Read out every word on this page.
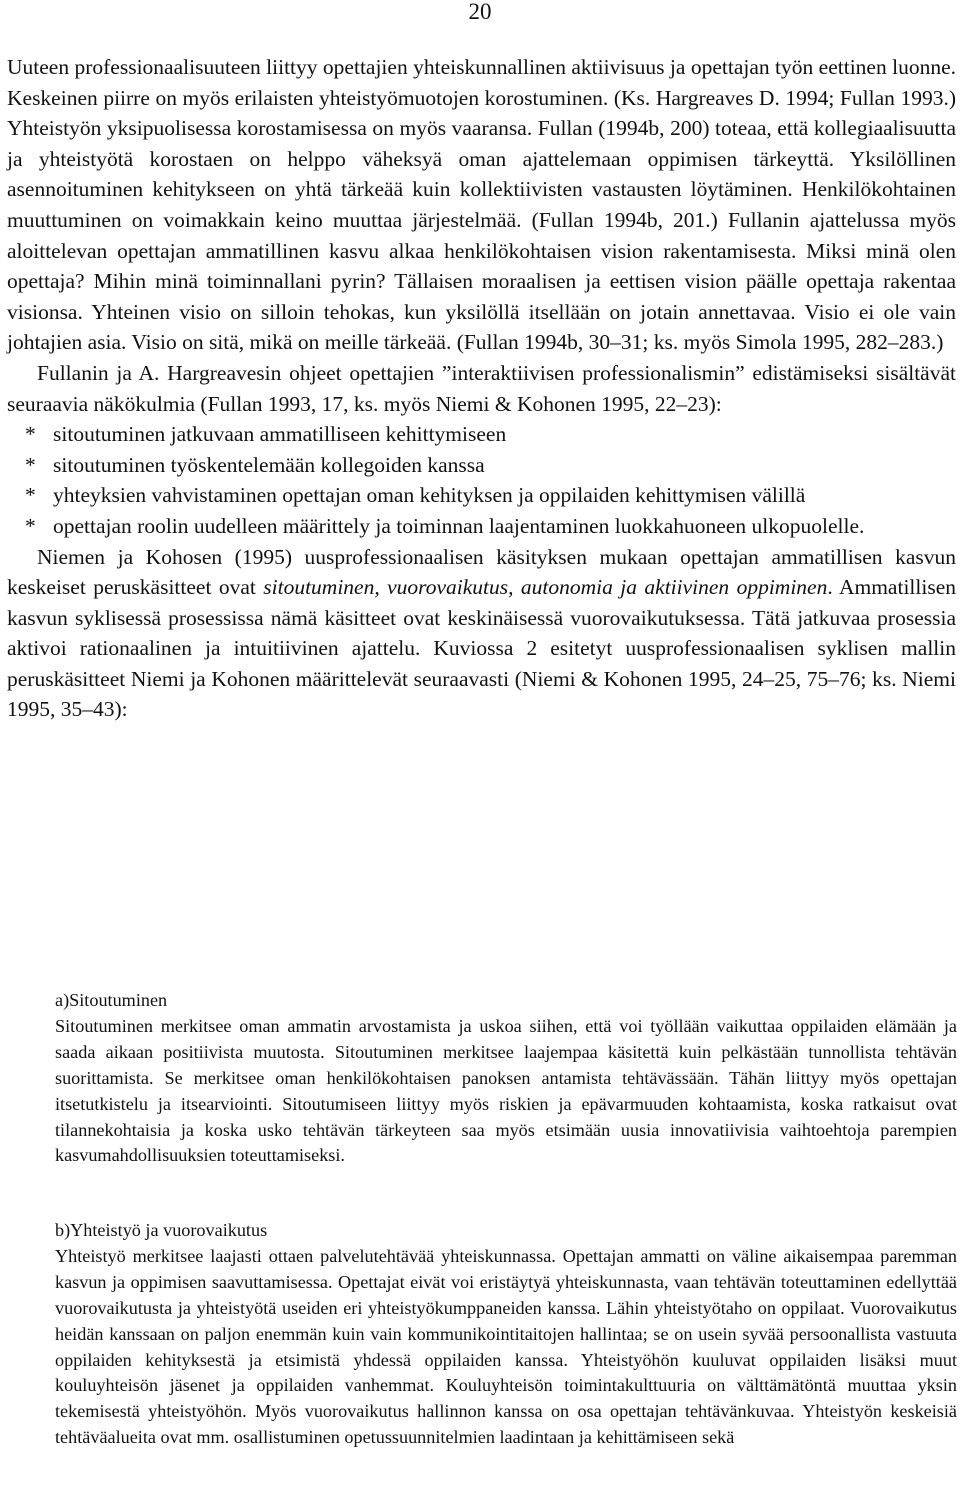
20

Uuteen professionaalisuuteen liittyy opettajien yhteiskunnallinen aktiivisuus ja opettajan työn eettinen luonne. Keskeinen piirre on myös erilaisten yhteistyömuotojen korostuminen. (Ks. Hargreaves D. 1994; Fullan 1993.) Yhteistyön yksipuolisessa korostamisessa on myös vaaransa. Fullan (1994b, 200) toteaa, että kollegiaalisuutta ja yhteistyötä korostaen on helppo väheksyä oman ajattelemaan oppimisen tärkeyttä. Yksilöllinen asennoituminen kehitykseen on yhtä tärkeää kuin kollektiivisten vastausten löytäminen. Henkilökohtainen muuttuminen on voimakkain keino muuttaa järjestelmää. (Fullan 1994b, 201.) Fullanin ajattelussa myös aloittelevan opettajan ammatillinen kasvu alkaa henkilökohtaisen vision rakentamisesta. Miksi minä olen opettaja? Mihin minä toiminnallani pyrin? Tällaisen moraalisen ja eettisen vision päälle opettaja rakentaa visionsa. Yhteinen visio on silloin tehokas, kun yksilöllä itsellään on jotain annettavaa. Visio ei ole vain johtajien asia. Visio on sitä, mikä on meille tärkeää. (Fullan 1994b, 30–31; ks. myös Simola 1995, 282–283.)

Fullanin ja A. Hargreavesin ohjeet opettajien ”interaktiivisen professionalismin” edistämiseksi sisältävät seuraavia näkökulmia (Fullan 1993, 17, ks. myös Niemi & Kohonen 1995, 22–23):

* sitoutuminen jatkuvaan ammatilliseen kehittymiseen
* sitoutuminen työskentelemään kollegoiden kanssa
* yhteyksien vahvistaminen opettajan oman kehityksen ja oppilaiden kehittymisen välillä
* opettajan roolin uudelleen määrittely ja toiminnan laajentaminen luokkahuoneen ulkopuolelle.

Niemen ja Kohosen (1995) uusprofessionaalisen käsityksen mukaan opettajan ammatillisen kasvun keskeiset peruskäsitteet ovat sitoutuminen, vuorovaikutus, autonomia ja aktiivinen oppiminen. Ammatillisen kasvun syklisessä prosessissa nämä käsitteet ovat keskinäisessä vuorovaikutuksessa. Tätä jatkuvaa prosessia aktivoi rationaalinen ja intuitiivinen ajattelu. Kuviossa 2 esitetyt uusprofessionaalisen syklisen mallin peruskäsitteet Niemi ja Kohonen määrittelevät seuraavasti (Niemi & Kohonen 1995, 24–25, 75–76; ks. Niemi 1995, 35–43):

a)Sitoutuminen
Sitoutuminen merkitsee oman ammatin arvostamista ja uskoa siihen, että voi työllään vaikuttaa oppilaiden elämään ja saada aikaan positiivista muutosta. Sitoutuminen merkitsee laajempaa käsitettä kuin pelkästään tunnollista tehtävän suorittamista. Se merkitsee oman henkilökohtaisen panoksen antamista tehtävässään. Tähän liittyy myös opettajan itsetutkistelu ja itsearviointi. Sitoutumiseen liittyy myös riskien ja epävarmuuden kohtaamista, koska ratkaisut ovat tilannekohtaisia ja koska usko tehtävän tärkeyteen saa myös etsimään uusia innovatiivisia vaihtoehtoja parempien kasvumahdollisuuksien toteuttamiseksi.
b)Yhteistyö ja vuorovaikutus
Yhteistyö merkitsee laajasti ottaen palvelutehtävää yhteiskunnassa. Opettajan ammatti on väline aikaisempaa paremman kasvun ja oppimisen saavuttamisessa. Opettajat eivät voi eristäytyä yhteiskunnasta, vaan tehtävän toteuttaminen edellyttää vuorovaikutusta ja yhteistyötä useiden eri yhteistyökumppaneiden kanssa. Lähin yhteistyötaho on oppilaat. Vuorovaikutus heidän kanssaan on paljon enemmän kuin vain kommunikointitaitojen hallintaa; se on usein syvää persoonallista vastuuta oppilaiden kehityksestä ja etsimistä yhdessä oppilaiden kanssa. Yhteistyöhön kuuluvat oppilaiden lisäksi muut kouluyhteisön jäsenet ja oppilaiden vanhemmat. Kouluyhteisön toimintakulttuuria on välttämätöntä muuttaa yksin tekemisestä yhteistyöhön. Myös vuorovaikutus hallinnon kanssa on osa opettajan tehtävänkuvaa. Yhteistyön keskeisiä tehtäväalueita ovat mm. osallistuminen opetussuunnitelmien laadintaan ja kehittämiseen sekä
